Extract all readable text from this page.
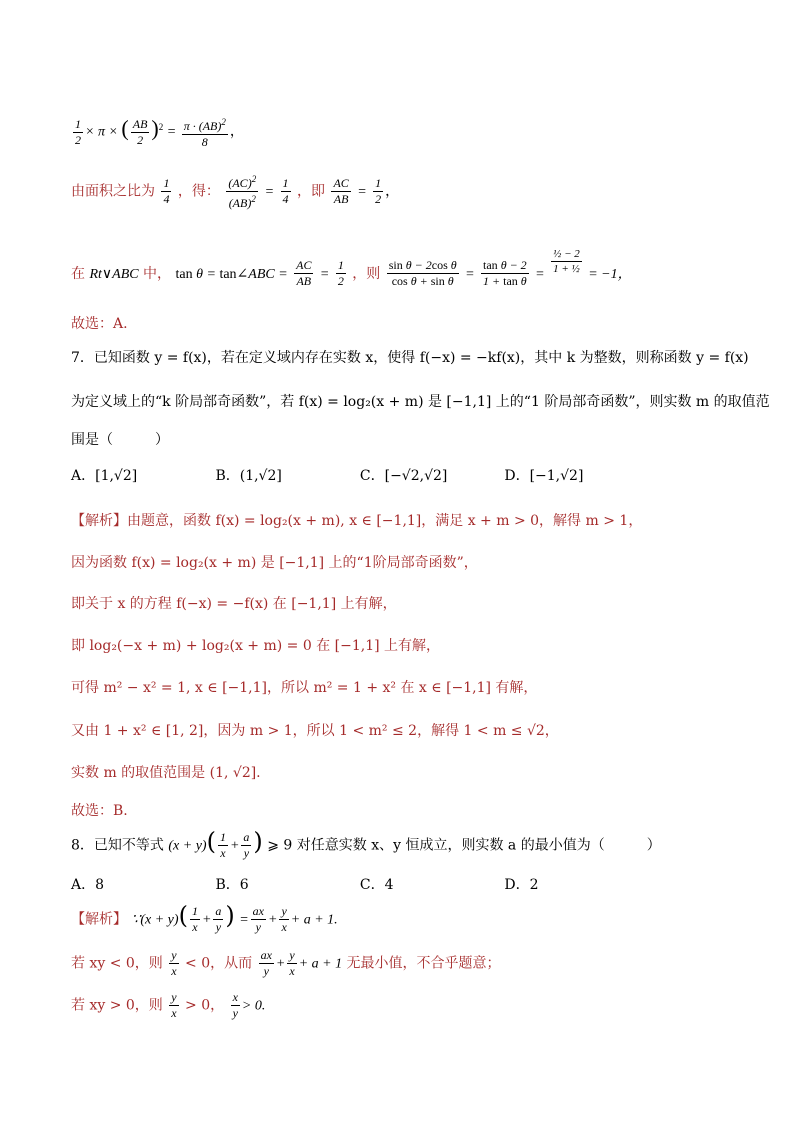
$\frac{1}{2} \times \pi$ × ( $\frac{AB}{2} )^2 = \frac{\pi \cdot (AB)^2}{8}$ ，
由面积之比为 $\frac{1}{4}$ ，得： $\frac{(AC)^2}{(AB)^2} = \frac{1}{4}$ ，即 $\frac{AC}{AB} = \frac{1}{2}$ ，
在 Rt∨ABC 中， tan θ = tan∠ABC = $\frac{AC}{AB} = \frac{1}{2}$ ，则 $\frac{\text{sin θ − 2cos θ}}{\text{cos θ + sin θ}} = \frac{\text{tan θ − 2}}{\text{1 + tan θ}} = \frac{\text{½ − 2}}{\text{1 + ½}} = -1$，
故选：A.
7．已知函数 y = f(x)，若在定义域内存在实数 x，使得 f(−x) = −kf(x)，其中 k 为整数，则称函数 y = f(x)
为定义域上的“k 阶局部奇函数”，若 f(x) = log₂(x + m) 是 [−1,1] 上的“1 阶局部奇函数”，则实数 m 的取值范
围是（　　　）
A．[1,√2]	B．(1,√2]	C．[−√2,√2]	D．[−1,√2]
【解析】由题意，函数 f(x) = log₂(x + m), x ∈ [−1,1]，满足 x + m > 0，解得 m > 1，
因为函数 f(x) = log₂(x + m) 是 [−1,1] 上的“1阶局部奇函数”，
即关于 x 的方程 f(−x) = −f(x) 在 [−1,1] 上有解，
即 log₂(−x + m) + log₂(x + m) = 0 在 [−1,1] 上有解，
可得 m² − x² = 1, x ∈ [−1,1]，所以 m² = 1 + x² 在 x ∈ [−1,1] 有解，
又由 1 + x² ∈ [1, 2]，因为 m > 1，所以 1 < m² ≤ 2，解得 1 < m ≤ √2，
实数 m 的取值范围是 (1, √2].
故选：B.
8．已知不等式 $(x + y)( \frac{1}{x} + \frac{a}{y}$ ) ⩾ 9 对任意实数 x、y 恒成立，则实数 a 的最小值为（　　　）
A．8	B．6	C．4	D．2
【解析】 ∵(x + $y)( \frac{1}{x} + \frac{a}{y}$ ) = $\frac{ax}{y} + \frac{y}{x} + a + 1$.
若 xy < 0，则 $\frac{y}{x} < 0$，从而 $\frac{ax}{y} + \frac{y}{x} + a + 1$ 无最小值，不合乎题意；
若 xy > 0，则 $\frac{y}{x} > 0$， $\frac{x}{y} > 0$.
